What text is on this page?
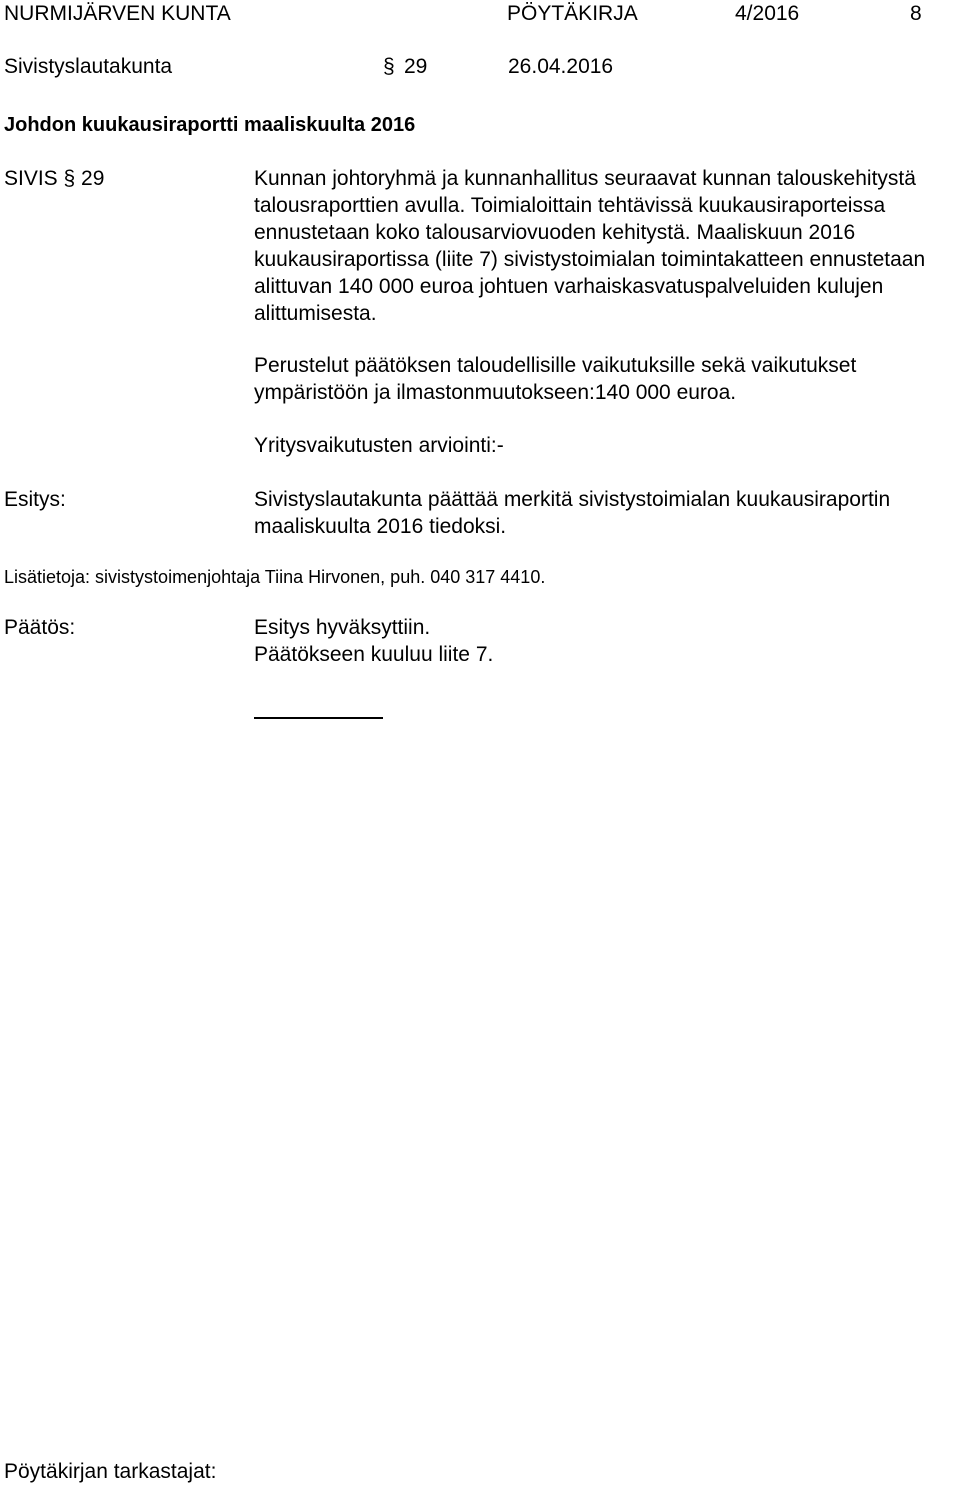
NURMIJÄRVEN KUNTA	PÖYTÄKIRJA	4/2016	8
Sivistyslautakunta	§ 29	26.04.2016
Johdon kuukausiraportti maaliskuulta 2016
SIVIS § 29	Kunnan johtoryhmä ja kunnanhallitus seuraavat kunnan talouskehitystä talousraporttien avulla. Toimialoittain tehtävissä kuukausiraporteissa ennustetaan koko talousarviovuoden kehitystä. Maaliskuun 2016 kuukausiraportissa (liite 7) sivistystoimialan toimintakatteen ennustetaan alittuvan 140 000 euroa johtuen varhaiskasvatuspalveluiden kulujen alittumisesta.
Perustelut päätöksen taloudellisille vaikutuksille sekä vaikutukset ympäristöön ja ilmastonmuutokseen:140 000 euroa.
Yritysvaikutusten arviointi:-
Esitys:	Sivistyslautakunta päättää merkitä sivistystoimialan kuukausiraportin maaliskuulta 2016 tiedoksi.
Lisätietoja: sivistystoimenjohtaja Tiina Hirvonen, puh. 040 317 4410.
Päätös:	Esitys hyväksyttiin.
Päätökseen kuuluu liite 7.
Pöytäkirjan tarkastajat:
